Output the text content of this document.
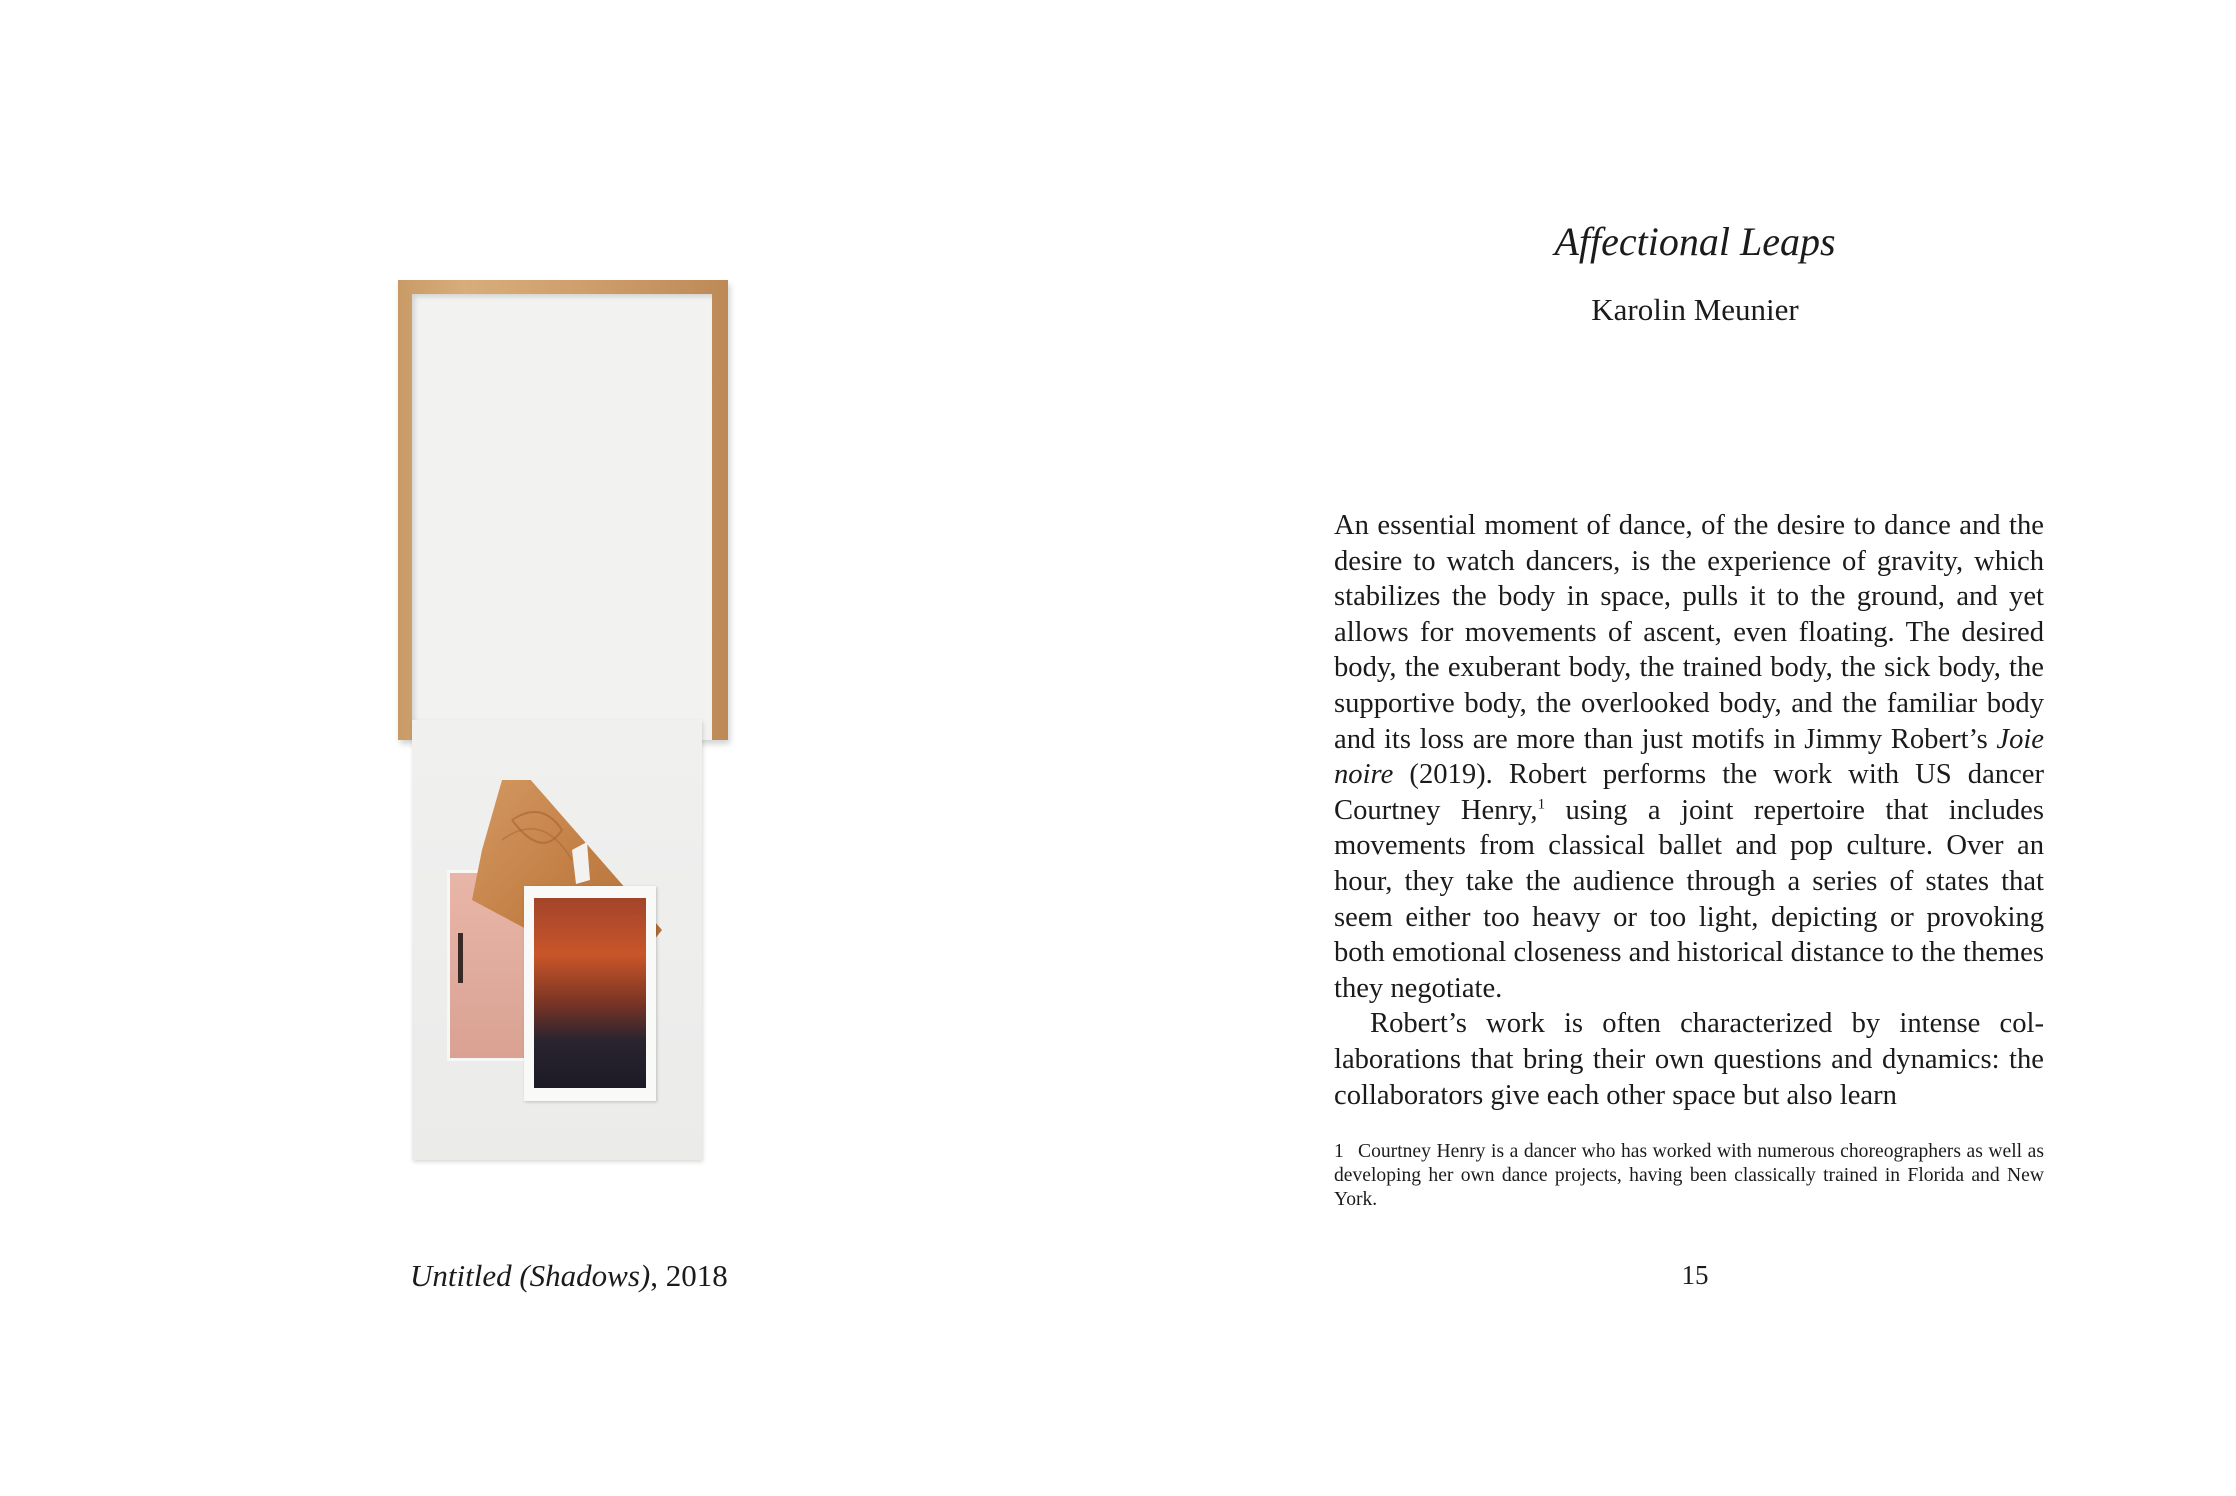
Untitled (Shadows), 2018
Affectional Leaps
Karolin Meunier

An essential moment of dance, of the desire to dance and the desire to watch dancers, is the experience of gravity, which stabilizes the body in space, pulls it to the ground, and yet allows for movements of ascent, even floating. The desired body, the exuberant body, the trained body, the sick body, the supportive body, the overlooked body, and the familiar body and its loss are more than just motifs in Jimmy Robert’s Joie noire (2019). Robert performs the work with US dancer Courtney Henry,$^1$ using a joint repertoire that includes movements from classical ballet and pop culture. Over an hour, they take the audience through a series of states that seem either too heavy or too light, depicting or provoking both emotional closeness and historical distance to the themes they negotiate.

Robert’s work is often characterized by intense collaborations that bring their own questions and dynamics: the collaborators give each other space but also learn

1 Courtney Henry is a dancer who has worked with numerous choreographers as well as developing her own dance projects, having been classically trained in Florida and New York.
15
